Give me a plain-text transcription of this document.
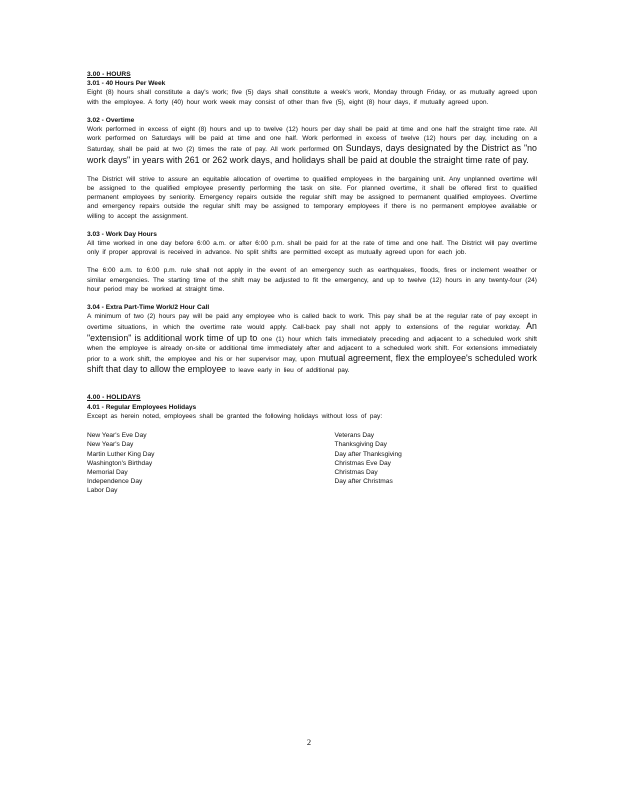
3.00 - HOURS

3.01 - 40 Hours Per Week

Eight (8) hours shall constitute a day's work; five (5) days shall constitute a week's work, Monday through Friday, or as mutually agreed upon with the employee. A forty (40) hour work week may consist of other than five (5), eight (8) hour days, if mutually agreed upon.

3.02 - Overtime

Work performed in excess of eight (8) hours and up to twelve (12) hours per day shall be paid at time and one half the straight time rate. All work performed on Saturdays will be paid at time and one half. Work performed in excess of twelve (12) hours per day, including on a Saturday, shall be paid at two (2) times the rate of pay. All work performed on Sundays, days designated by the District as "no work days" in years with 261 or 262 work days, and holidays shall be paid at double the straight time rate of pay.

The District will strive to assure an equitable allocation of overtime to qualified employees in the bargaining unit. Any unplanned overtime will be assigned to the qualified employee presently performing the task on site. For planned overtime, it shall be offered first to qualified permanent employees by seniority. Emergency repairs outside the regular shift may be assigned to permanent qualified employees. Overtime and emergency repairs outside the regular shift may be assigned to temporary employees if there is no permanent employee available or willing to accept the assignment.

3.03 - Work Day Hours

All time worked in one day before 6:00 a.m. or after 6:00 p.m. shall be paid for at the rate of time and one half. The District will pay overtime only if proper approval is received in advance. No split shifts are permitted except as mutually agreed upon for each job.

The 6:00 a.m. to 6:00 p.m. rule shall not apply in the event of an emergency such as earthquakes, floods, fires or inclement weather or similar emergencies. The starting time of the shift may be adjusted to fit the emergency, and up to twelve (12) hours in any twenty-four (24) hour period may be worked at straight time.

3.04 - Extra Part-Time Work/2 Hour Call

A minimum of two (2) hours pay will be paid any employee who is called back to work. This pay shall be at the regular rate of pay except in overtime situations, in which the overtime rate would apply. Call-back pay shall not apply to extensions of the regular workday. An "extension" is additional work time of up to one (1) hour which falls immediately preceding and adjacent to a scheduled work shift when the employee is already on-site or additional time immediately after and adjacent to a scheduled work shift. For extensions immediately prior to a work shift, the employee and his or her supervisor may, upon mutual agreement, flex the employee's scheduled work shift that day to allow the employee to leave early in lieu of additional pay.

4.00 - HOLIDAYS

4.01 - Regular Employees Holidays

Except as herein noted, employees shall be granted the following holidays without loss of pay:

New Year's Eve Day
New Year's Day
Martin Luther King Day
Washington's Birthday
Memorial Day
Independence Day
Labor Day
Veterans Day
Thanksgiving Day
Day after Thanksgiving
Christmas Eve Day
Christmas Day
Day after Christmas
2
